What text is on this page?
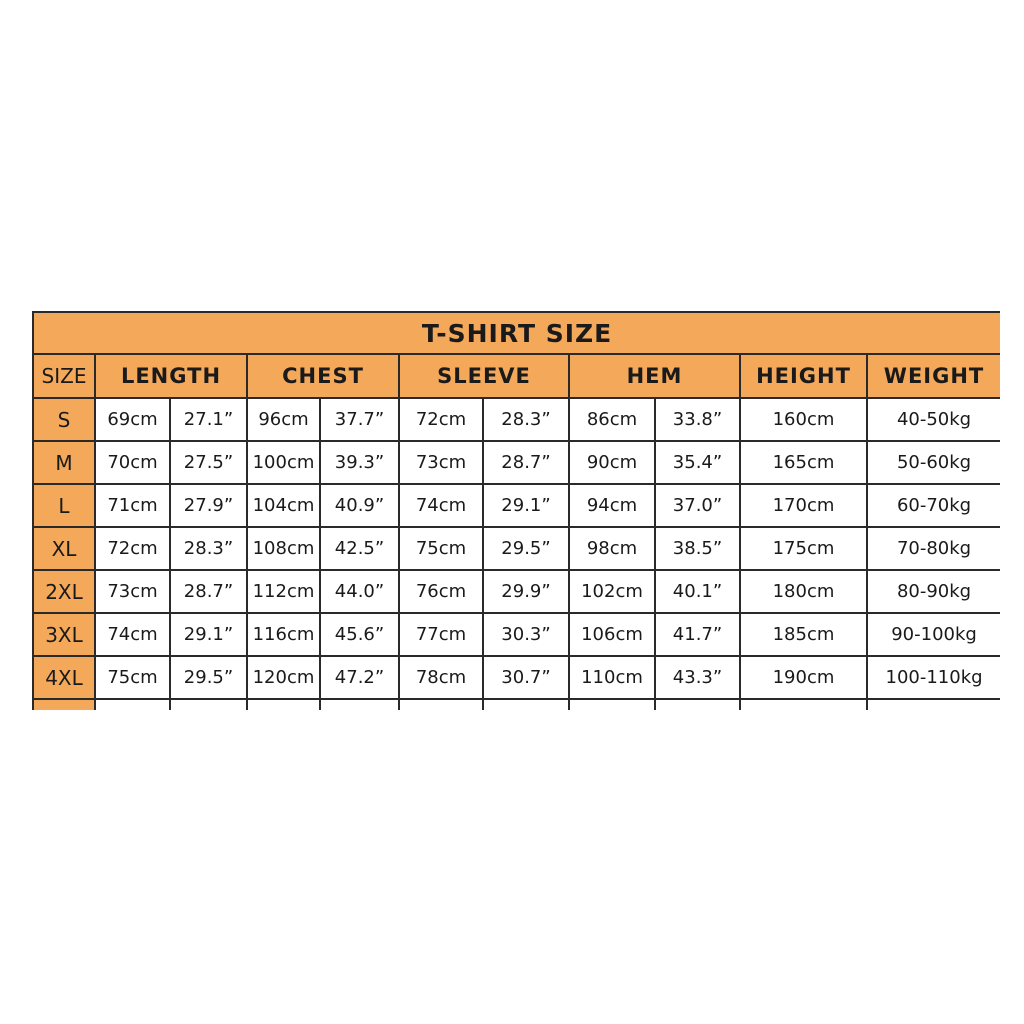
T-SHIRT SIZE										
SIZE	LENGTH		CHEST		SLEEVE		HEM		HEIGHT	WEIGHT
S	69cm	27.1”	96cm	37.7”	72cm	28.3”	86cm	33.8”	160cm	40-50kg
M	70cm	27.5”	100cm	39.3”	73cm	28.7”	90cm	35.4”	165cm	50-60kg
L	71cm	27.9”	104cm	40.9”	74cm	29.1”	94cm	37.0”	170cm	60-70kg
XL	72cm	28.3”	108cm	42.5”	75cm	29.5”	98cm	38.5”	175cm	70-80kg
2XL	73cm	28.7”	112cm	44.0”	76cm	29.9”	102cm	40.1”	180cm	80-90kg
3XL	74cm	29.1”	116cm	45.6”	77cm	30.3”	106cm	41.7”	185cm	90-100kg
4XL	75cm	29.5”	120cm	47.2”	78cm	30.7”	110cm	43.3”	190cm	100-110kg
